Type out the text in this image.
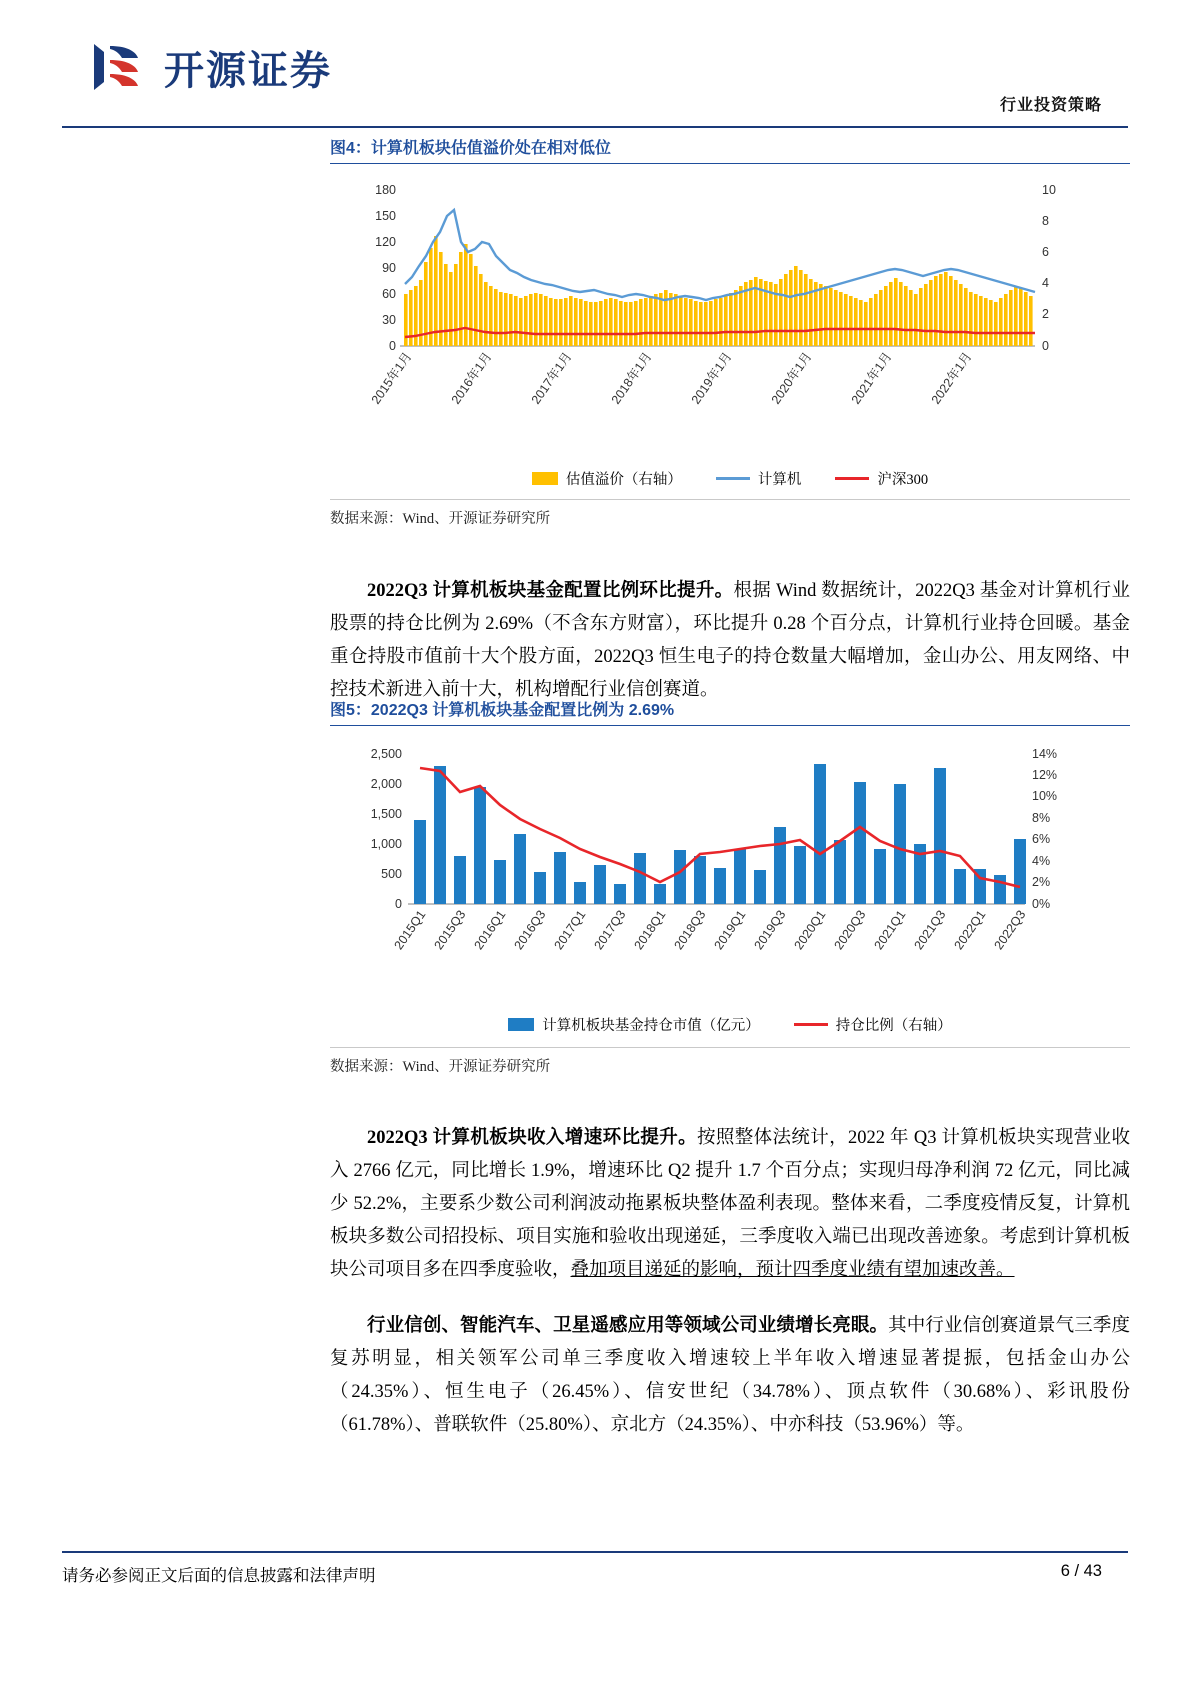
开源证券
行业投资策略
图4：计算机板块估值溢价处在相对低位
180
150
120
90
60
30
0
10
8
6
4
2
0
2015年1月	2016年1月	2017年1月	2018年1月	2019年1月	2020年1月	2021年1月	2022年1月
估值溢价（右轴）	计算机	沪深300
数据来源：Wind、开源证券研究所
2022Q3 计算机板块基金配置比例环比提升。根据 Wind 数据统计，2022Q3 基金对计算机行业股票的持仓比例为 2.69%（不含东方财富），环比提升 0.28 个百分点，计算机行业持仓回暖。基金重仓持股市值前十大个股方面，2022Q3 恒生电子的持仓数量大幅增加，金山办公、用友网络、中控技术新进入前十大，机构增配行业信创赛道。
图5：2022Q3 计算机板块基金配置比例为 2.69%
2,500
2,000
1,500
1,000
500
0
14%
12%
10%
8%
6%
4%
2%
0%
2015Q1 2015Q3 2016Q1 2016Q3 2017Q1 2017Q3 2018Q1 2018Q3 2019Q1 2019Q3 2020Q1 2020Q3 2021Q1 2021Q3 2022Q1 2022Q3
计算机板块基金持仓市值（亿元）	持仓比例（右轴）
数据来源：Wind、开源证券研究所
2022Q3 计算机板块收入增速环比提升。按照整体法统计，2022 年 Q3 计算机板块实现营业收入 2766 亿元，同比增长 1.9%，增速环比 Q2 提升 1.7 个百分点；实现归母净利润 72 亿元，同比减少 52.2%，主要系少数公司利润波动拖累板块整体盈利表现。整体来看，二季度疫情反复，计算机板块多数公司招投标、项目实施和验收出现递延，三季度收入端已出现改善迹象。考虑到计算机板块公司项目多在四季度验收，叠加项目递延的影响，预计四季度业绩有望加速改善。
行业信创、智能汽车、卫星遥感应用等领域公司业绩增长亮眼。其中行业信创赛道景气三季度复苏明显，相关领军公司单三季度收入增速较上半年收入增速显著提振，包括金山办公（24.35%）、恒生电子（26.45%）、信安世纪（34.78%）、顶点软件（30.68%）、彩讯股份（61.78%）、普联软件（25.80%）、京北方（24.35%）、中亦科技（53.96%）等。
请务必参阅正文后面的信息披露和法律声明	6 / 43
